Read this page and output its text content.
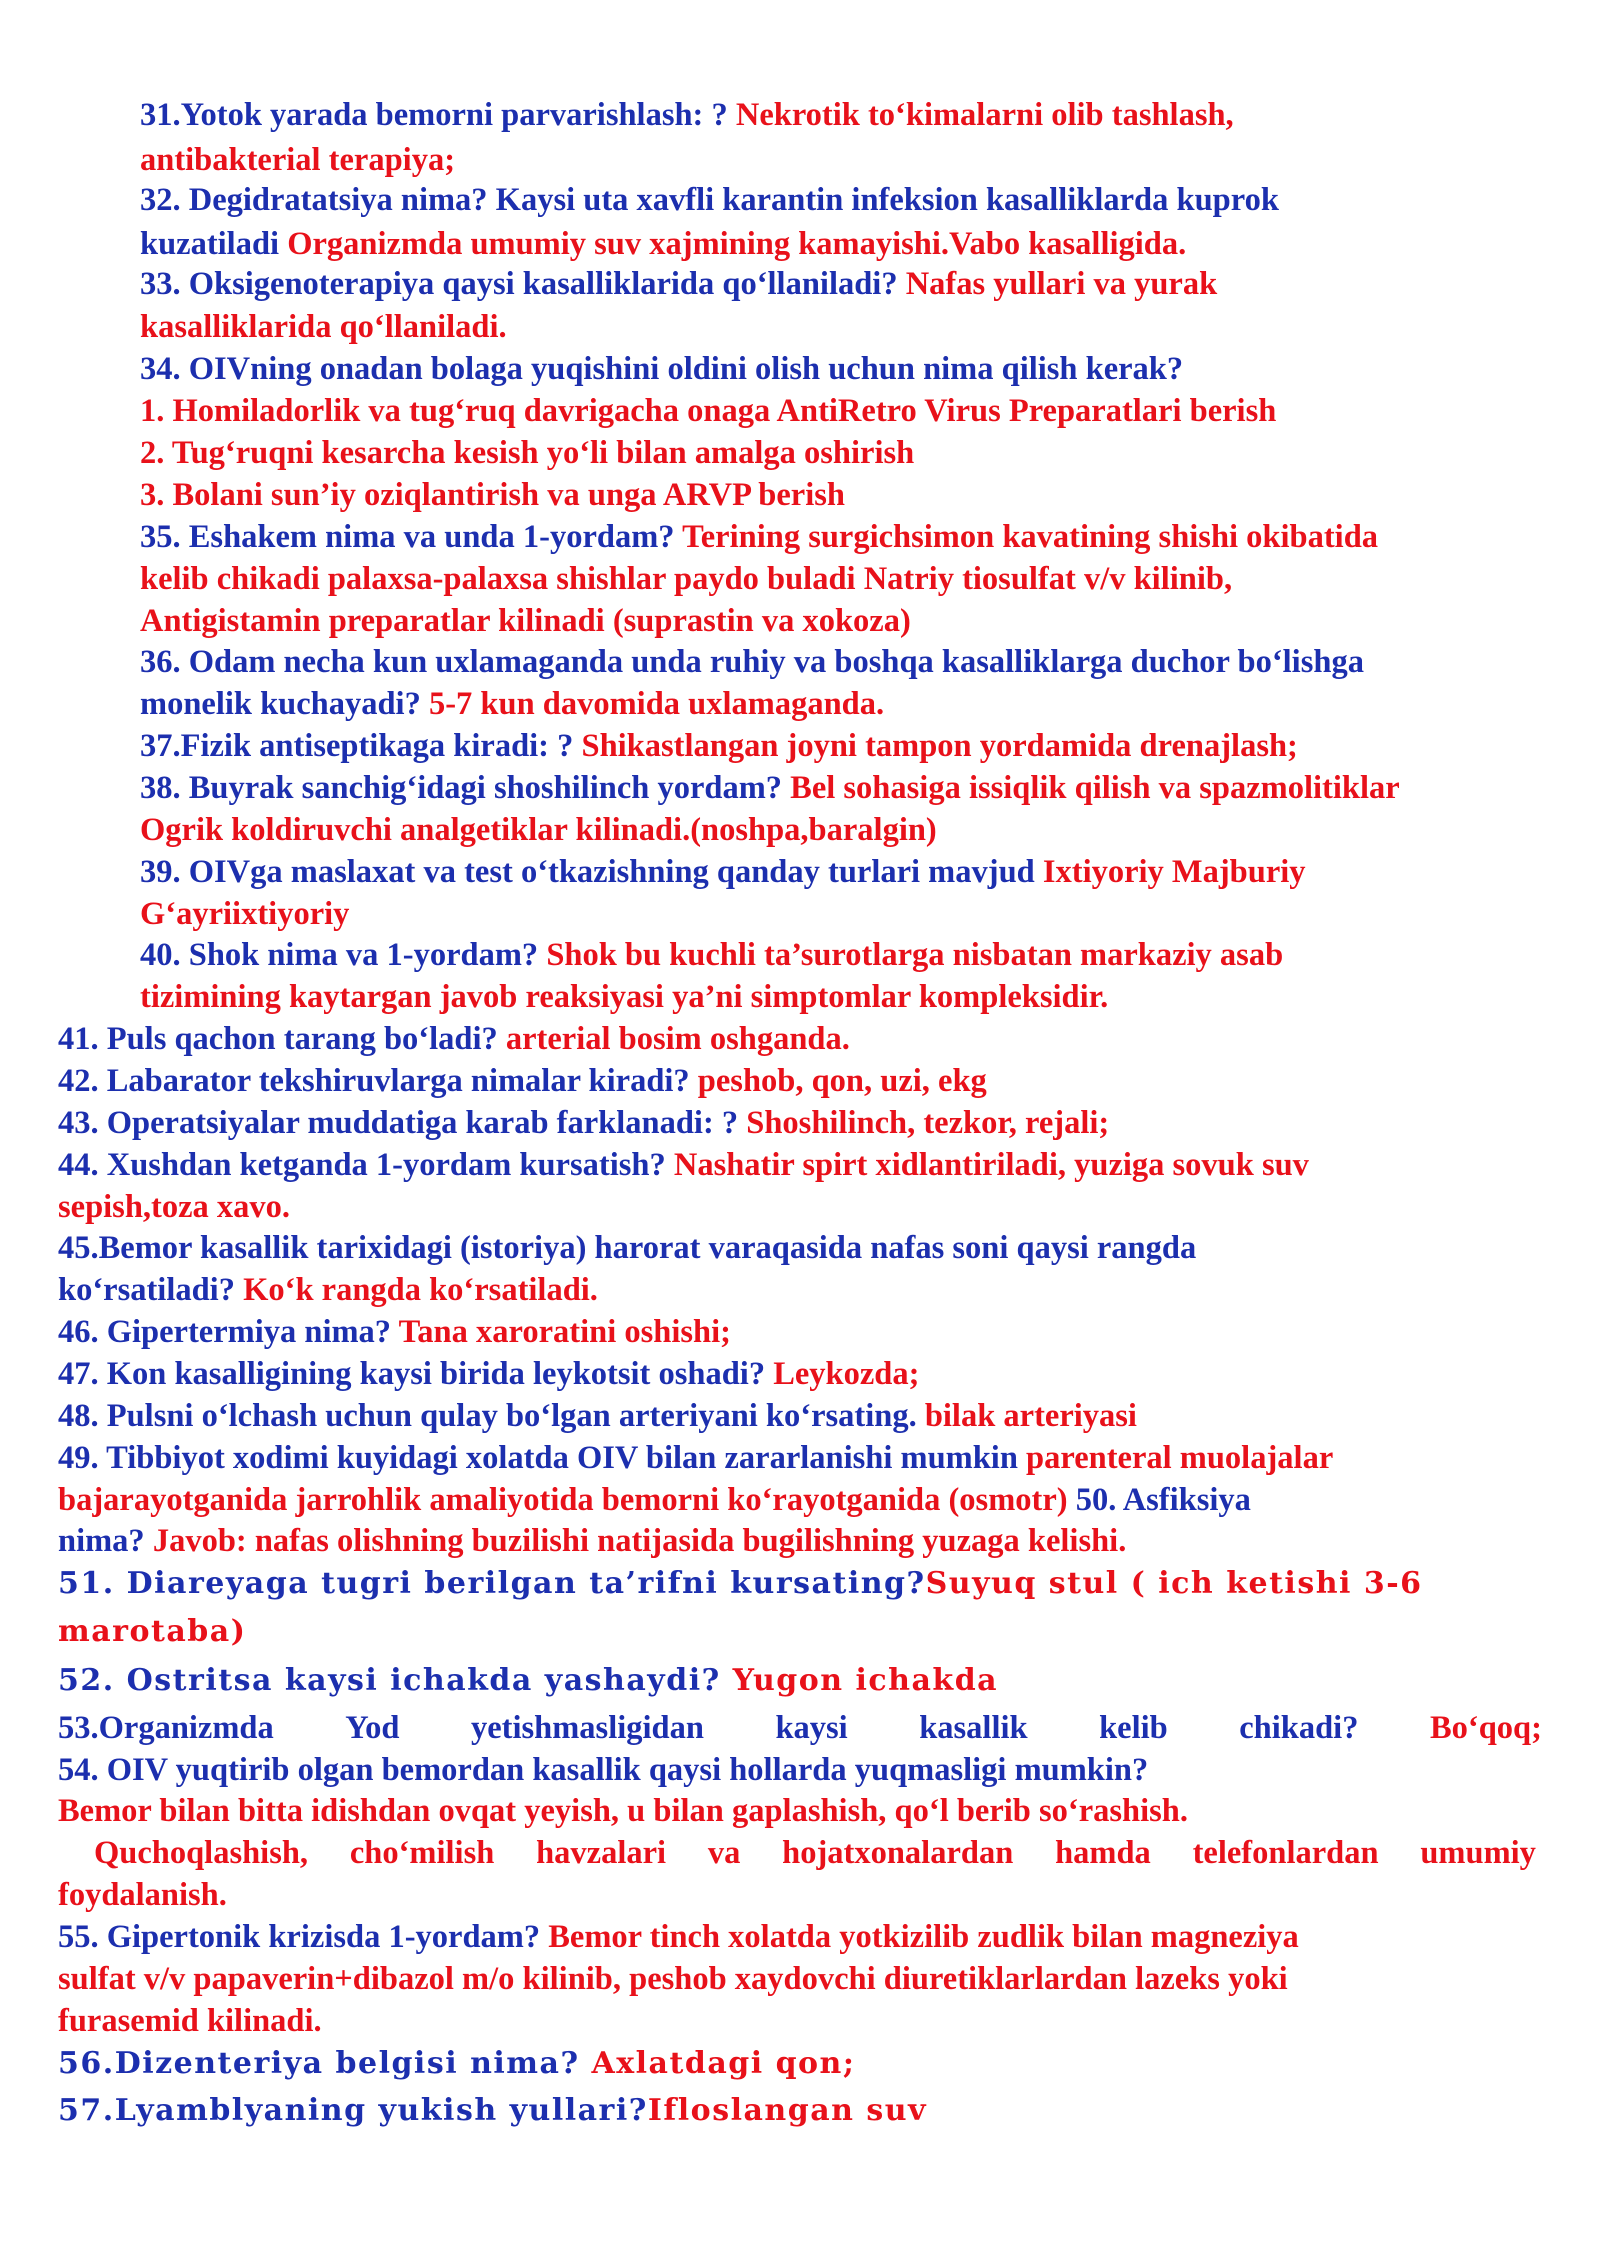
31.Yotok yarada bemorni parvarishlash: ? Nekrotik to‘kimalarni olib tashlash,
antibakterial terapiya;
32. Degidratatsiya nima? Kaysi uta xavfli karantin infeksion kasalliklarda kuprok
kuzatiladi Organizmda umumiy suv xajmining kamayishi.Vabo kasalligida.
33. Oksigenoterapiya qaysi kasalliklarida qo‘llaniladi? Nafas yullari va yurak
kasalliklarida qo‘llaniladi.
34. OIVning onadan bolaga yuqishini oldini olish uchun nima qilish kerak?
1. Homiladorlik va tug‘ruq davrigacha onaga AntiRetro Virus Preparatlari berish
2. Tug‘ruqni kesarcha kesish yo‘li bilan amalga oshirish
3. Bolani sun’iy oziqlantirish va unga ARVP berish
35. Eshakem nima va unda 1-yordam? Terining surgichsimon kavatining shishi okibatida
kelib chikadi palaxsa-palaxsa shishlar paydo buladi Natriy tiosulfat v/v kilinib,
Antigistamin preparatlar kilinadi (suprastin va xokoza)
36. Odam necha kun uxlamaganda unda ruhiy va boshqa kasalliklarga duchor bo‘lishga
monelik kuchayadi? 5-7 kun davomida uxlamaganda.
37.Fizik antiseptikaga kiradi: ? Shikastlangan joyni tampon yordamida drenajlash;
38. Buyrak sanchig‘idagi shoshilinch yordam? Bel sohasiga issiqlik qilish va spazmolitiklar
Ogrik koldiruvchi analgetiklar kilinadi.(noshpa,baralgin)
39. OIVga maslaxat va test o‘tkazishning qanday turlari mavjud Ixtiyoriy Majburiy
G‘ayriixtiyoriy
40. Shok nima va 1-yordam? Shok bu kuchli ta’surotlarga nisbatan markaziy asab
tizimining kaytargan javob reaksiyasi ya’ni simptomlar kompleksidir.
41. Puls qachon tarang bo‘ladi? arterial bosim oshganda.
42. Labarator tekshiruvlarga nimalar kiradi? peshob, qon, uzi, ekg
43. Operatsiyalar muddatiga karab farklanadi: ? Shoshilinch, tezkor, rejali;
44. Xushdan ketganda 1-yordam kursatish? Nashatir spirt xidlantiriladi, yuziga sovuk suv
sepish,toza xavo.
45.Bemor kasallik tarixidagi (istoriya) harorat varaqasida nafas soni qaysi rangda
ko‘rsatiladi? Ko‘k rangda ko‘rsatiladi.
46. Gipertermiya nima? Tana xaroratini oshishi;
47. Kon kasalligining kaysi birida leykotsit oshadi? Leykozda;
48. Pulsni o‘lchash uchun qulay bo‘lgan arteriyani ko‘rsating. bilak arteriyasi
49. Tibbiyot xodimi kuyidagi xolatda OIV bilan zararlanishi mumkin parenteral muolajalar
bajarayotganida jarrohlik amaliyotida bemorni ko‘rayotganida (osmotr) 50. Asfiksiya
nima? Javob: nafas olishning buzilishi natijasida bugilishning yuzaga kelishi.
51. Diareyaga tugri berilgan ta’rifni kursating?Suyuq stul ( ich ketishi 3-6
marotaba)
52. Ostritsa kaysi ichakda yashaydi? Yugon ichakda
53.Organizmda Yod yetishmasligidan kaysi kasallik kelib chikadi? Bo‘qoq;
54. OIV yuqtirib olgan bemordan kasallik qaysi hollarda yuqmasligi mumkin?
Bemor bilan bitta idishdan ovqat yeyish, u bilan gaplashish, qo‘l berib so‘rashish.
Quchoqlashish, cho‘milish havzalari va hojatxonalardan hamda telefonlardan umumiy
foydalanish.
55. Gipertonik krizisda 1-yordam? Bemor tinch xolatda yotkizilib zudlik bilan magneziya
sulfat v/v papaverin+dibazol m/o kilinib, peshob xaydovchi diuretiklarlardan lazeks yoki
furasemid kilinadi.
56.Dizenteriya belgisi nima? Axlatdagi qon;
57.Lyamblyaning yukish yullari?Ifloslangan suv
